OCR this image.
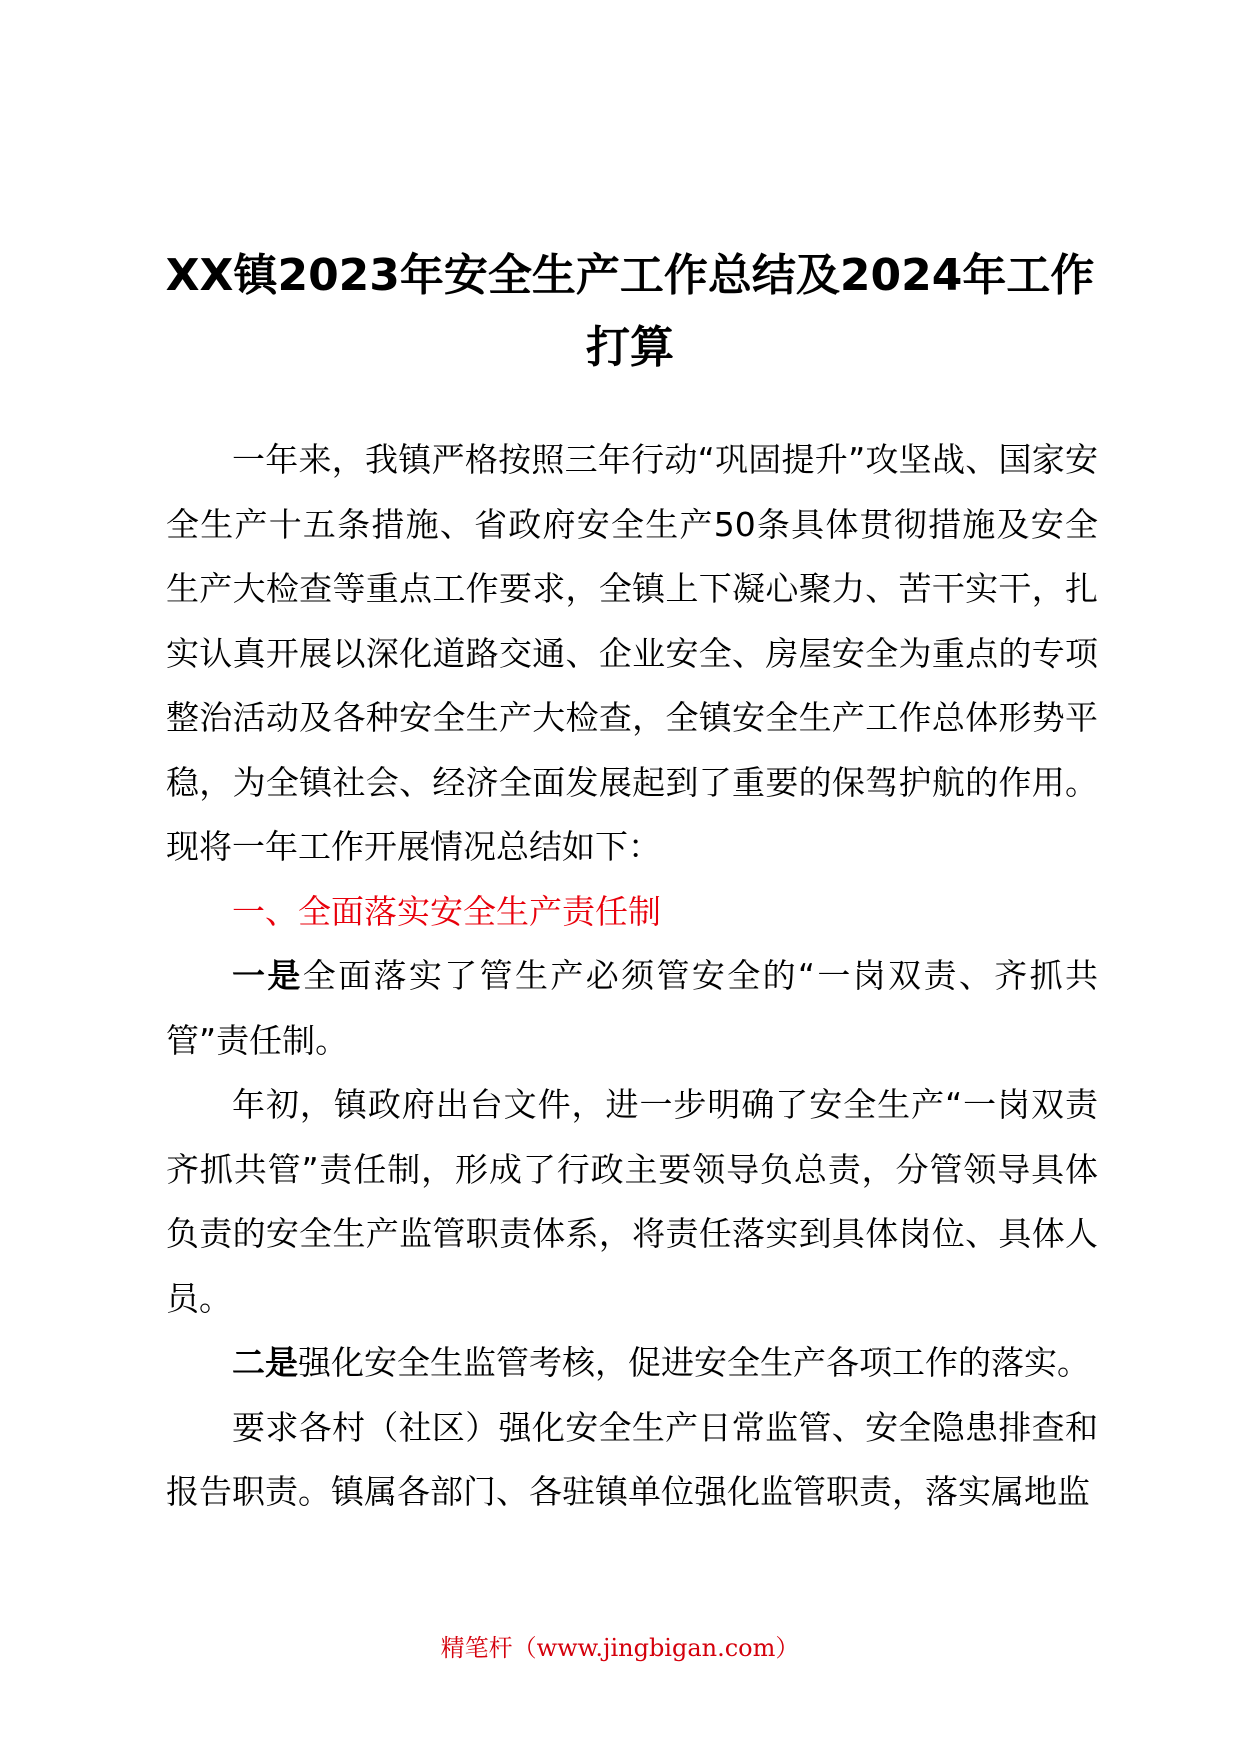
XX镇2023年安全生产工作总结及2024年工作
打算

一年来，我镇严格按照三年行动“巩固提升”攻坚战、国家安全生产十五条措施、省政府安全生产50条具体贯彻措施及安全生产大检查等重点工作要求，全镇上下凝心聚力、苦干实干，扎实认真开展以深化道路交通、企业安全、房屋安全为重点的专项整治活动及各种安全生产大检查，全镇安全生产工作总体形势平稳，为全镇社会、经济全面发展起到了重要的保驾护航的作用。现将一年工作开展情况总结如下：

一、全面落实安全生产责任制

一是全面落实了管生产必须管安全的“一岗双责、齐抓共管”责任制。

年初，镇政府出台文件，进一步明确了安全生产“一岗双责齐抓共管”责任制，形成了行政主要领导负总责，分管领导具体负责的安全生产监管职责体系，将责任落实到具体岗位、具体人员。

二是强化安全生监管考核，促进安全生产各项工作的落实。

要求各村（社区）强化安全生产日常监管、安全隐患排查和报告职责。镇属各部门、各驻镇单位强化监管职责，落实属地监

精笔杆（www.jingbigan.com）
